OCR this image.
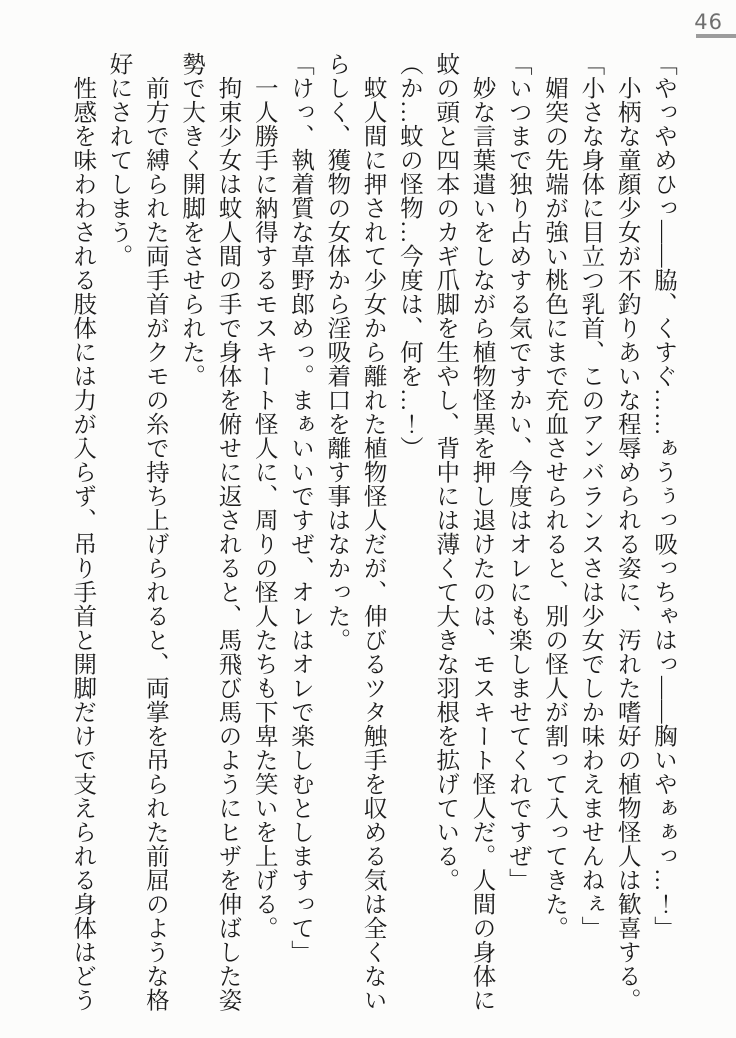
46

「やっやめひっ――脇、くすぐ……ぁうぅっ吸っちゃはっ――胸いやぁぁっ…！」

小柄な童顔少女が不釣りあいな程辱められる姿に、汚れた嗜好の植物怪人は歓喜する。

「小さな身体に目立つ乳首、このアンバランスさは少女でしか味わえませんねぇ」

媚突の先端が強い桃色にまで充血させられると、別の怪人が割って入ってきた。

「いつまで独り占めする気ですかい、今度はオレにも楽しませてくれですぜ」

妙な言葉遣いをしながら植物怪異を押し退けたのは、モスキート怪人だ。人間の身体に

蚊の頭と四本のカギ爪脚を生やし、背中には薄くて大きな羽根を拡げている。

（か…蚊の怪物…今度は、何を…！）

蚊人間に押されて少女から離れた植物怪人だが、伸びるツタ触手を収める気は全くない

らしく、獲物の女体から淫吸着口を離す事はなかった。

「けっ、執着質な草野郎めっ。まぁいいですぜ、オレはオレで楽しむとしますって」

一人勝手に納得するモスキート怪人に、周りの怪人たちも下卑た笑いを上げる。

拘束少女は蚊人間の手で身体を俯せに返されると、馬飛び馬のようにヒザを伸ばした姿

勢で大きく開脚をさせられた。

前方で縛られた両手首がクモの糸で持ち上げられると、両掌を吊られた前屈のような格

好にされてしまう。

性感を味わわされる肢体には力が入らず、吊り手首と開脚だけで支えられる身体はどう
